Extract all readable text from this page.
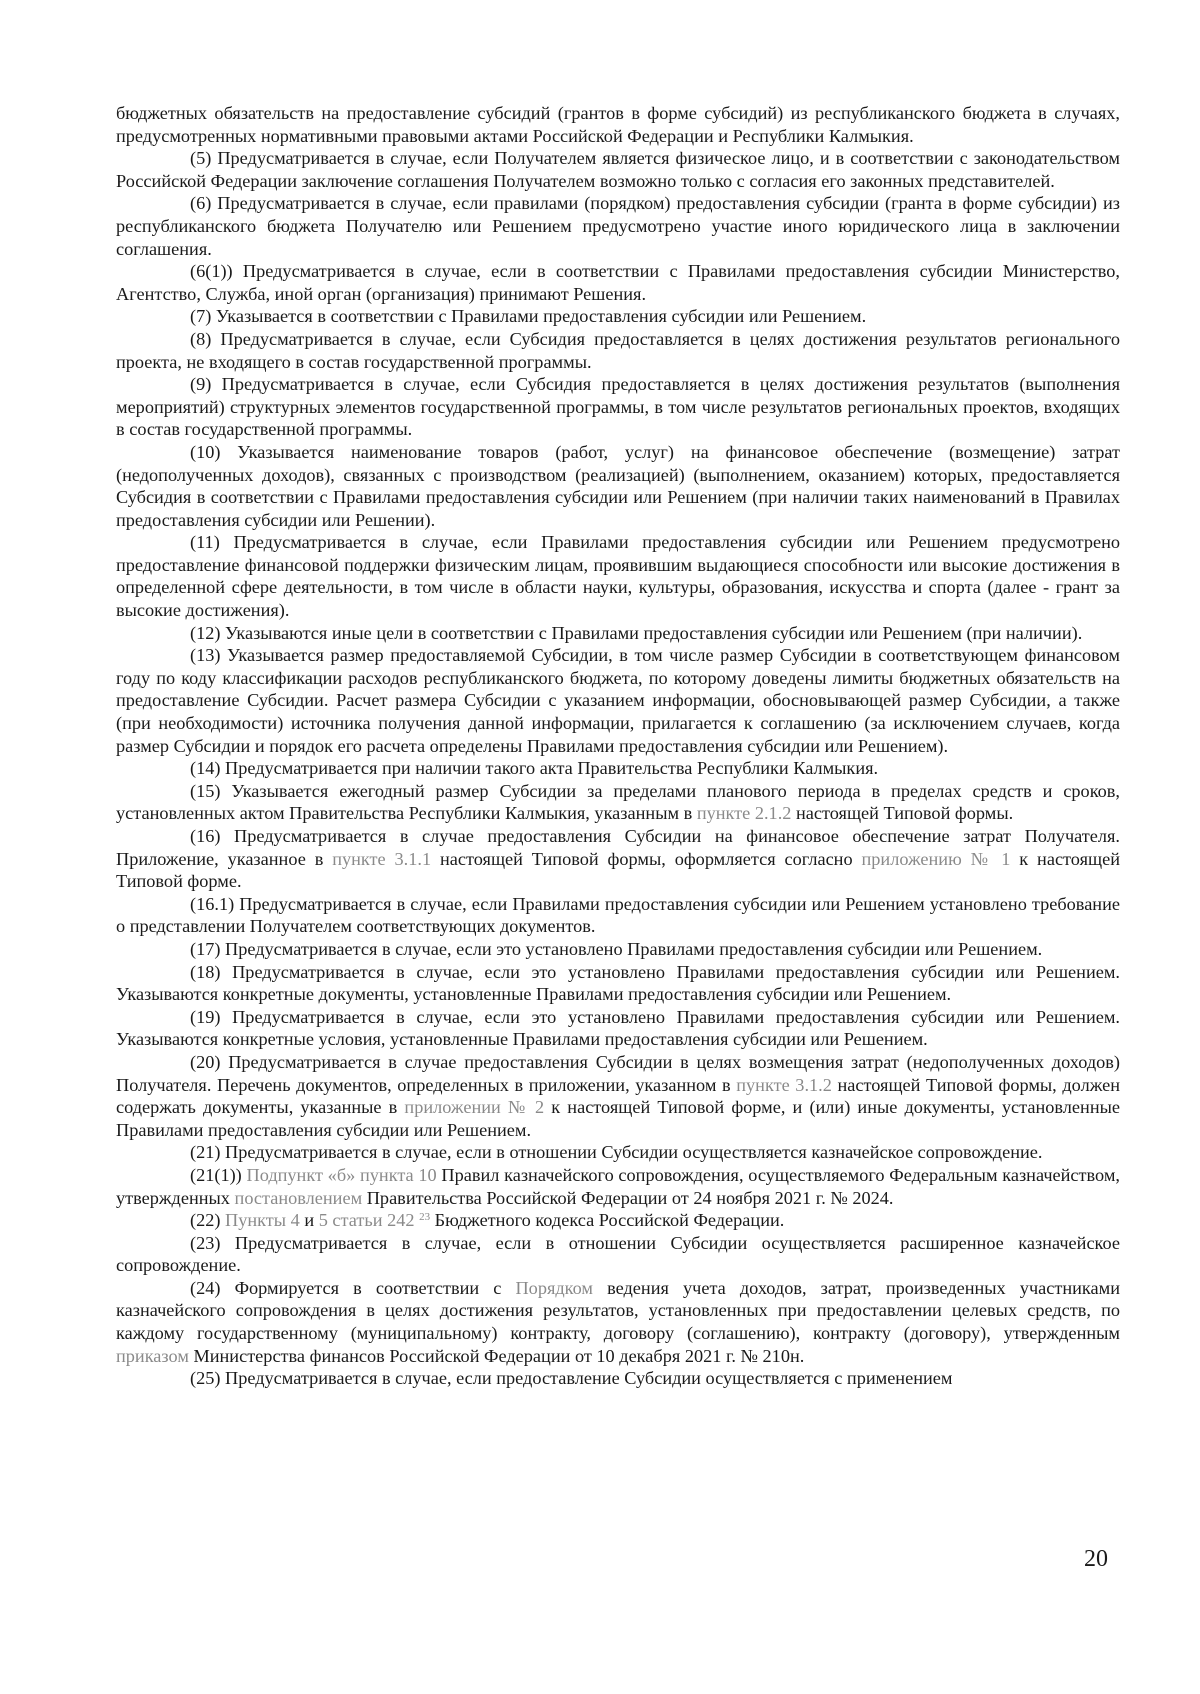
бюджетных обязательств на предоставление субсидий (грантов в форме субсидий) из республиканского бюджета в случаях, предусмотренных нормативными правовыми актами Российской Федерации и Республики Калмыкия.

(5) Предусматривается в случае, если Получателем является физическое лицо, и в соответствии с законодательством Российской Федерации заключение соглашения Получателем возможно только с согласия его законных представителей.

(6) Предусматривается в случае, если правилами (порядком) предоставления субсидии (гранта в форме субсидии) из республиканского бюджета Получателю или Решением предусмотрено участие иного юридического лица в заключении соглашения.

(6(1)) Предусматривается в случае, если в соответствии с Правилами предоставления субсидии Министерство, Агентство, Служба, иной орган (организация) принимают Решения.

(7) Указывается в соответствии с Правилами предоставления субсидии или Решением.

(8) Предусматривается в случае, если Субсидия предоставляется в целях достижения результатов регионального проекта, не входящего в состав государственной программы.

(9) Предусматривается в случае, если Субсидия предоставляется в целях достижения результатов (выполнения мероприятий) структурных элементов государственной программы, в том числе результатов региональных проектов, входящих в состав государственной программы.

(10) Указывается наименование товаров (работ, услуг) на финансовое обеспечение (возмещение) затрат (недополученных доходов), связанных с производством (реализацией) (выполнением, оказанием) которых, предоставляется Субсидия в соответствии с Правилами предоставления субсидии или Решением (при наличии таких наименований в Правилах предоставления субсидии или Решении).

(11) Предусматривается в случае, если Правилами предоставления субсидии или Решением предусмотрено предоставление финансовой поддержки физическим лицам, проявившим выдающиеся способности или высокие достижения в определенной сфере деятельности, в том числе в области науки, культуры, образования, искусства и спорта (далее - грант за высокие достижения).

(12) Указываются иные цели в соответствии с Правилами предоставления субсидии или Решением (при наличии).

(13) Указывается размер предоставляемой Субсидии, в том числе размер Субсидии в соответствующем финансовом году по коду классификации расходов республиканского бюджета, по которому доведены лимиты бюджетных обязательств на предоставление Субсидии. Расчет размера Субсидии с указанием информации, обосновывающей размер Субсидии, а также (при необходимости) источника получения данной информации, прилагается к соглашению (за исключением случаев, когда размер Субсидии и порядок его расчета определены Правилами предоставления субсидии или Решением).

(14) Предусматривается при наличии такого акта Правительства Республики Калмыкия.

(15) Указывается ежегодный размер Субсидии за пределами планового периода в пределах средств и сроков, установленных актом Правительства Республики Калмыкия, указанным в пункте 2.1.2 настоящей Типовой формы.

(16) Предусматривается в случае предоставления Субсидии на финансовое обеспечение затрат Получателя. Приложение, указанное в пункте 3.1.1 настоящей Типовой формы, оформляется согласно приложению № 1 к настоящей Типовой форме.

(16.1) Предусматривается в случае, если Правилами предоставления субсидии или Решением установлено требование о представлении Получателем соответствующих документов.

(17) Предусматривается в случае, если это установлено Правилами предоставления субсидии или Решением.

(18) Предусматривается в случае, если это установлено Правилами предоставления субсидии или Решением. Указываются конкретные документы, установленные Правилами предоставления субсидии или Решением.

(19) Предусматривается в случае, если это установлено Правилами предоставления субсидии или Решением. Указываются конкретные условия, установленные Правилами предоставления субсидии или Решением.

(20) Предусматривается в случае предоставления Субсидии в целях возмещения затрат (недополученных доходов) Получателя. Перечень документов, определенных в приложении, указанном в пункте 3.1.2 настоящей Типовой формы, должен содержать документы, указанные в приложении № 2 к настоящей Типовой форме, и (или) иные документы, установленные Правилами предоставления субсидии или Решением.

(21) Предусматривается в случае, если в отношении Субсидии осуществляется казначейское сопровождение.

(21(1)) Подпункт «б» пункта 10 Правил казначейского сопровождения, осуществляемого Федеральным казначейством, утвержденных постановлением Правительства Российской Федерации от 24 ноября 2021 г. № 2024.

(22) Пункты 4 и 5 статьи 242 $^{23}$ Бюджетного кодекса Российской Федерации.

(23) Предусматривается в случае, если в отношении Субсидии осуществляется расширенное казначейское сопровождение.

(24) Формируется в соответствии с Порядком ведения учета доходов, затрат, произведенных участниками казначейского сопровождения в целях достижения результатов, установленных при предоставлении целевых средств, по каждому государственному (муниципальному) контракту, договору (соглашению), контракту (договору), утвержденным приказом Министерства финансов Российской Федерации от 10 декабря 2021 г. № 210н.

(25) Предусматривается в случае, если предоставление Субсидии осуществляется с применением

20
